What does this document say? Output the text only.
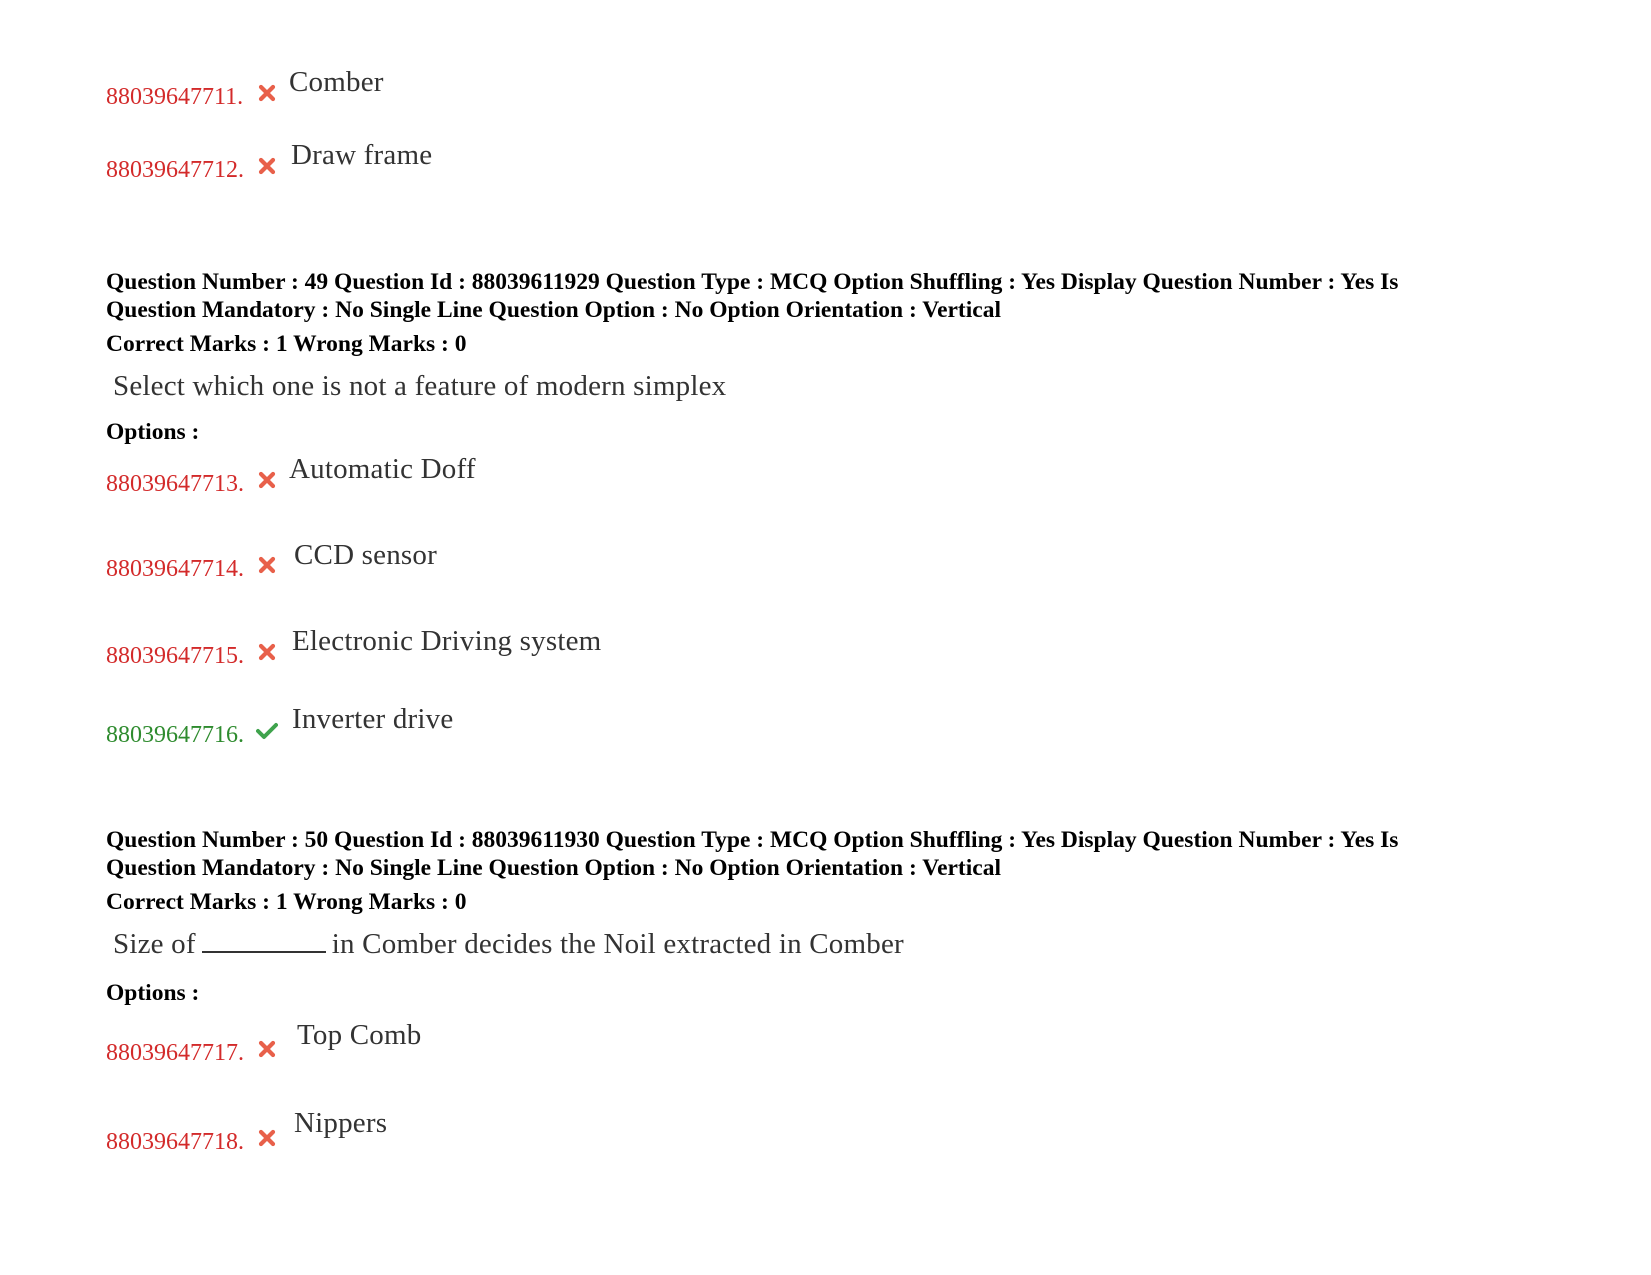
88039647711. Comber
88039647712. Draw frame
Question Number : 49 Question Id : 88039611929 Question Type : MCQ Option Shuffling : Yes Display Question Number : Yes Is
Question Mandatory : No Single Line Question Option : No Option Orientation : Vertical
Correct Marks : 1 Wrong Marks : 0
Select which one is not a feature of modern simplex
Options :
88039647713. Automatic Doff
88039647714. CCD sensor
88039647715. Electronic Driving system
88039647716. Inverter drive
Question Number : 50 Question Id : 88039611930 Question Type : MCQ Option Shuffling : Yes Display Question Number : Yes Is
Question Mandatory : No Single Line Question Option : No Option Orientation : Vertical
Correct Marks : 1 Wrong Marks : 0
Size of	in Comber decides the Noil extracted in Comber
Options :
88039647717.
Top Comb
88039647718.
Nippers
